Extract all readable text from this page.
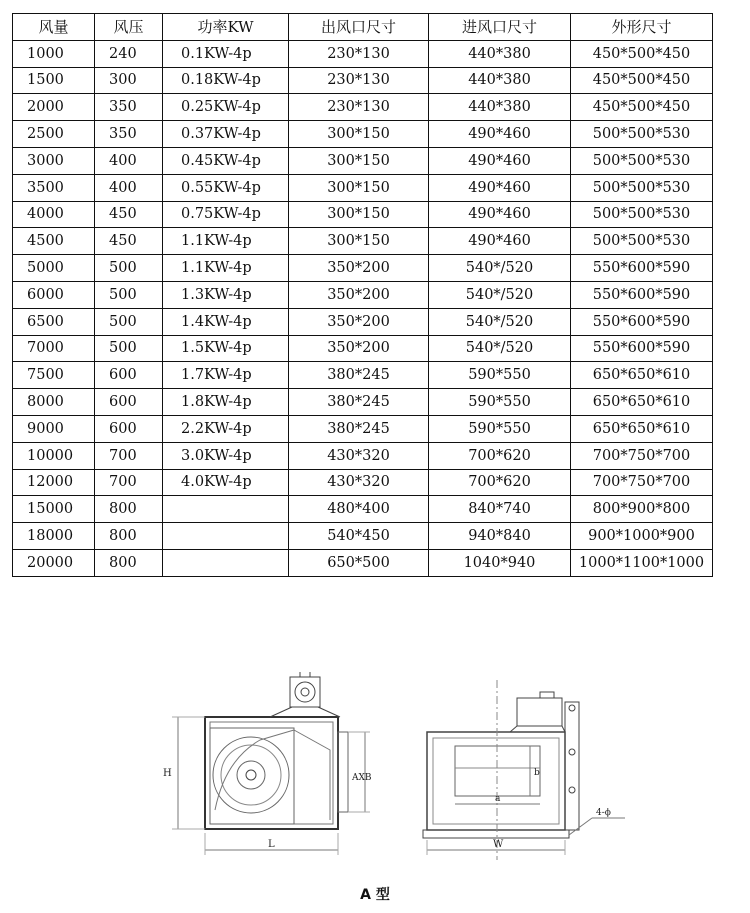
风量	风压	功率KW	出风口尺寸	进风口尺寸	外形尺寸
1000	240	0.1KW-4p	230*130	440*380	450*500*450
1500	300	0.18KW-4p	230*130	440*380	450*500*450
2000	350	0.25KW-4p	230*130	440*380	450*500*450
2500	350	0.37KW-4p	300*150	490*460	500*500*530
3000	400	0.45KW-4p	300*150	490*460	500*500*530
3500	400	0.55KW-4p	300*150	490*460	500*500*530
4000	450	0.75KW-4p	300*150	490*460	500*500*530
4500	450	1.1KW-4p	300*150	490*460	500*500*530
5000	500	1.1KW-4p	350*200	540*/520	550*600*590
6000	500	1.3KW-4p	350*200	540*/520	550*600*590
6500	500	1.4KW-4p	350*200	540*/520	550*600*590
7000	500	1.5KW-4p	350*200	540*/520	550*600*590
7500	600	1.7KW-4p	380*245	590*550	650*650*610
8000	600	1.8KW-4p	380*245	590*550	650*650*610
9000	600	2.2KW-4p	380*245	590*550	650*650*610
10000	700	3.0KW-4p	430*320	700*620	700*750*700
12000	700	4.0KW-4p	430*320	700*620	700*750*700
15000	800		480*400	840*740	800*900*800
18000	800		540*450	940*840	900*1000*900
20000	800		650*500	1040*940	1000*1100*1000
H
L
AXB
W
a
b
4-ϕ
A 型
